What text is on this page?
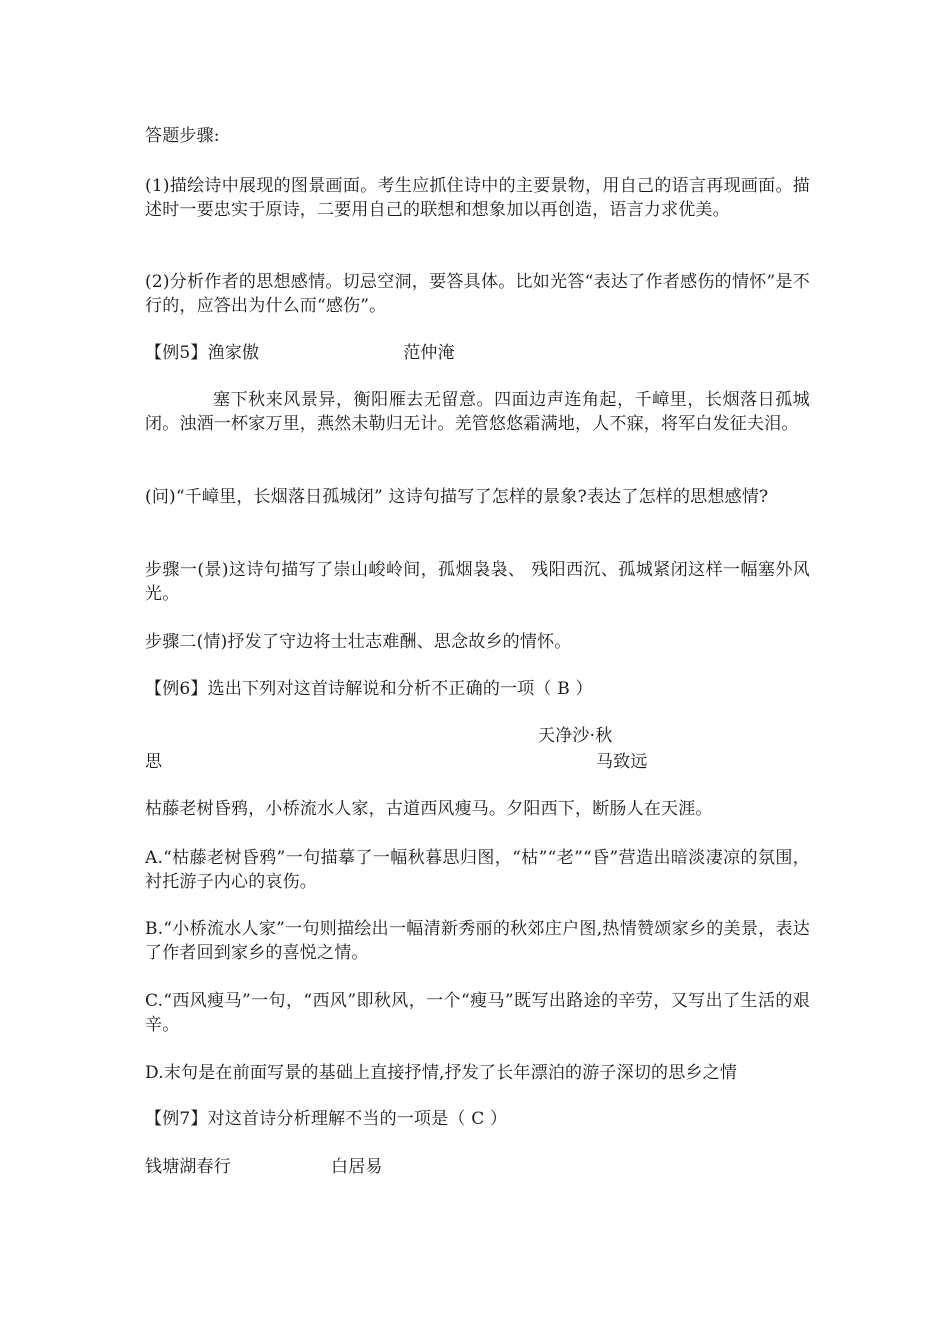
答题步骤:
(1)描绘诗中展现的图景画面。考生应抓住诗中的主要景物，用自己的语言再现画面。描述时一要忠实于原诗，二要用自己的联想和想象加以再创造，语言力求优美。
(2)分析作者的思想感情。切忌空洞，要答具体。比如光答“表达了作者感伤的情怀”是不行的，应答出为什么而“感伤”。
【例5】渔家傲	范仲淹
塞下秋来风景异，衡阳雁去无留意。四面边声连角起，千嶂里，长烟落日孤城闭。浊酒一杯家万里，燕然未勒归无计。羌管悠悠霜满地，人不寐，将军白发征夫泪。
(问)“千嶂里，长烟落日孤城闭” 这诗句描写了怎样的景象?表达了怎样的思想感情?
步骤一(景)这诗句描写了崇山峻岭间，孤烟袅袅、 残阳西沉、孤城紧闭这样一幅塞外风光。
步骤二(情)抒发了守边将士壮志难酬、思念故乡的情怀。
【例6】选出下列对这首诗解说和分析不正确的一项（ B ）
天净沙·秋
思	马致远
枯藤老树昏鸦，小桥流水人家，古道西风瘦马。夕阳西下，断肠人在天涯。
A.“枯藤老树昏鸦”一句描摹了一幅秋暮思归图，“枯”“老”“昏”营造出暗淡凄凉的氛围，衬托游子内心的哀伤。
B.“小桥流水人家”一句则描绘出一幅清新秀丽的秋郊庄户图,热情赞颂家乡的美景，表达了作者回到家乡的喜悦之情。
C.“西风瘦马”一句，“西风”即秋风，一个“瘦马”既写出路途的辛劳，又写出了生活的艰辛。
D.末句是在前面写景的基础上直接抒情,抒发了长年漂泊的游子深切的思乡之情
【例7】对这首诗分析理解不当的一项是（ C ）
钱塘湖春行	白居易
